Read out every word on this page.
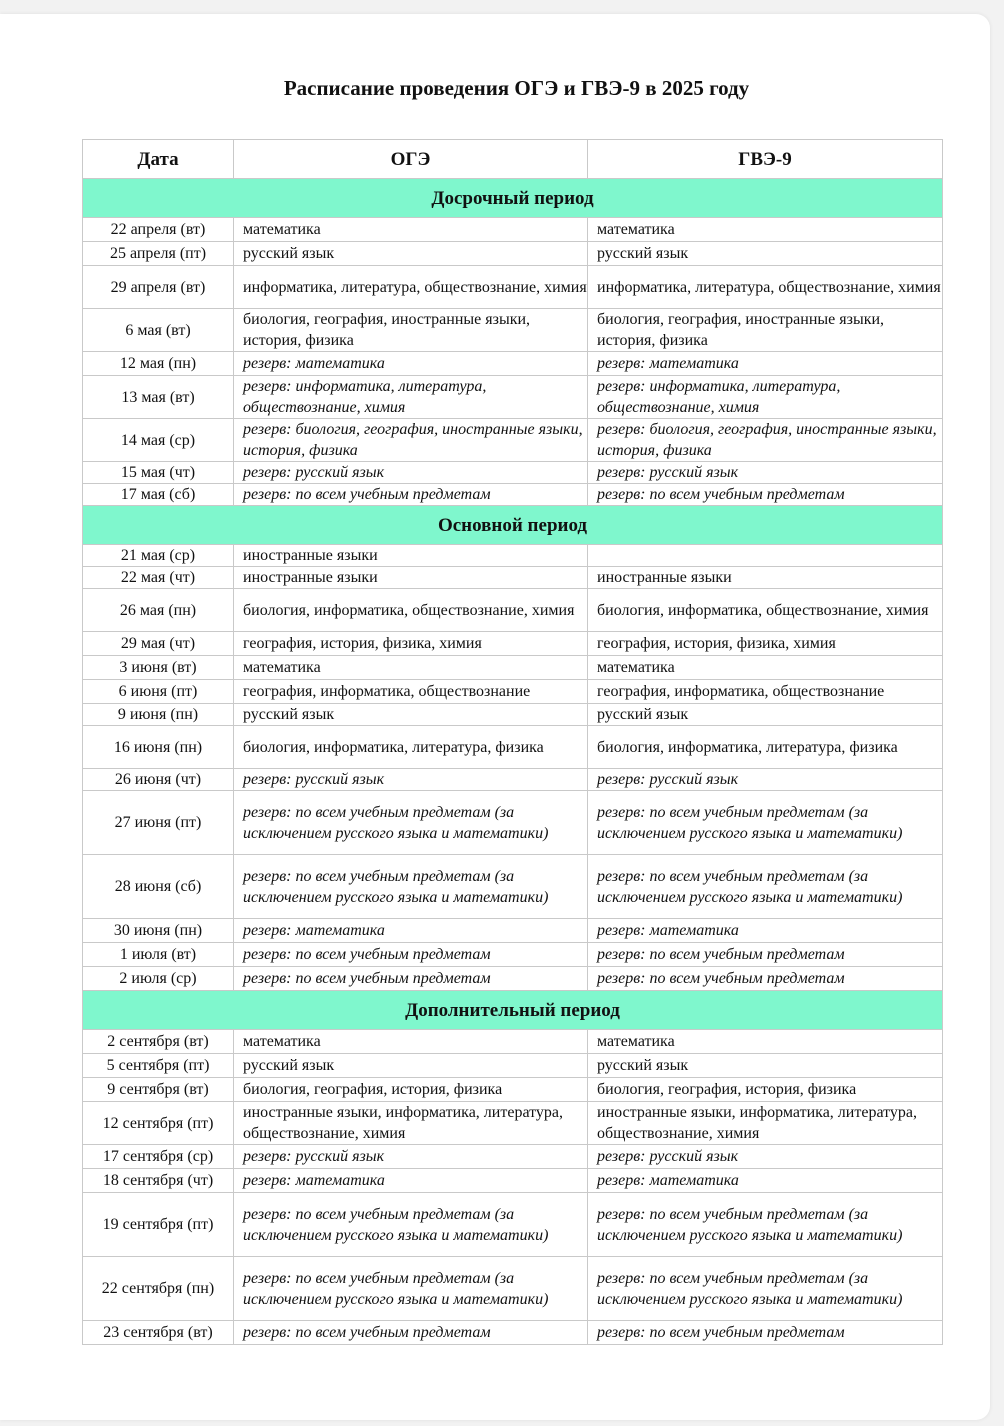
Расписание проведения ОГЭ и ГВЭ-9 в 2025 году
Дата	ОГЭ	ГВЭ-9
Досрочный период		
22 апреля (вт)	математика	математика
25 апреля (пт)	русский язык	русский язык
29 апреля (вт)	информатика, литература, обществознание, химия	информатика, литература, обществознание, химия
6 мая (вт)	биология, география, иностранные языки, история, физика	биология, география, иностранные языки, история, физика
12 мая (пн)	резерв: математика	резерв: математика
13 мая (вт)	резерв: информатика, литература, обществознание, химия	резерв: информатика, литература, обществознание, химия
14 мая (ср)	резерв: биология, география, иностранные языки, история, физика	резерв: биология, география, иностранные языки, история, физика
15 мая (чт)	резерв: русский язык	резерв: русский язык
17 мая (сб)	резерв: по всем учебным предметам	резерв: по всем учебным предметам
Основной период		
21 мая (ср)	иностранные языки	
22 мая (чт)	иностранные языки	иностранные языки
26 мая (пн)	биология, информатика, обществознание, химия	биология, информатика, обществознание, химия
29 мая (чт)	география, история, физика, химия	география, история, физика, химия
3 июня (вт)	математика	математика
6 июня (пт)	география, информатика, обществознание	география, информатика, обществознание
9 июня (пн)	русский язык	русский язык
16 июня (пн)	биология, информатика, литература, физика	биология, информатика, литература, физика
26 июня (чт)	резерв: русский язык	резерв: русский язык
27 июня (пт)	резерв: по всем учебным предметам (за исключением русского языка и математики)	резерв: по всем учебным предметам (за исключением русского языка и математики)
28 июня (сб)	резерв: по всем учебным предметам (за исключением русского языка и математики)	резерв: по всем учебным предметам (за исключением русского языка и математики)
30 июня (пн)	резерв: математика	резерв: математика
1 июля (вт)	резерв: по всем учебным предметам	резерв: по всем учебным предметам
2 июля (ср)	резерв: по всем учебным предметам	резерв: по всем учебным предметам
Дополнительный период		
2 сентября (вт)	математика	математика
5 сентября (пт)	русский язык	русский язык
9 сентября (вт)	биология, география, история, физика	биология, география, история, физика
12 сентября (пт)	иностранные языки, информатика, литература, обществознание, химия	иностранные языки, информатика, литература, обществознание, химия
17 сентября (ср)	резерв: русский язык	резерв: русский язык
18 сентября (чт)	резерв: математика	резерв: математика
19 сентября (пт)	резерв: по всем учебным предметам (за исключением русского языка и математики)	резерв: по всем учебным предметам (за исключением русского языка и математики)
22 сентября (пн)	резерв: по всем учебным предметам (за исключением русского языка и математики)	резерв: по всем учебным предметам (за исключением русского языка и математики)
23 сентября (вт)	резерв: по всем учебным предметам	резерв: по всем учебным предметам
